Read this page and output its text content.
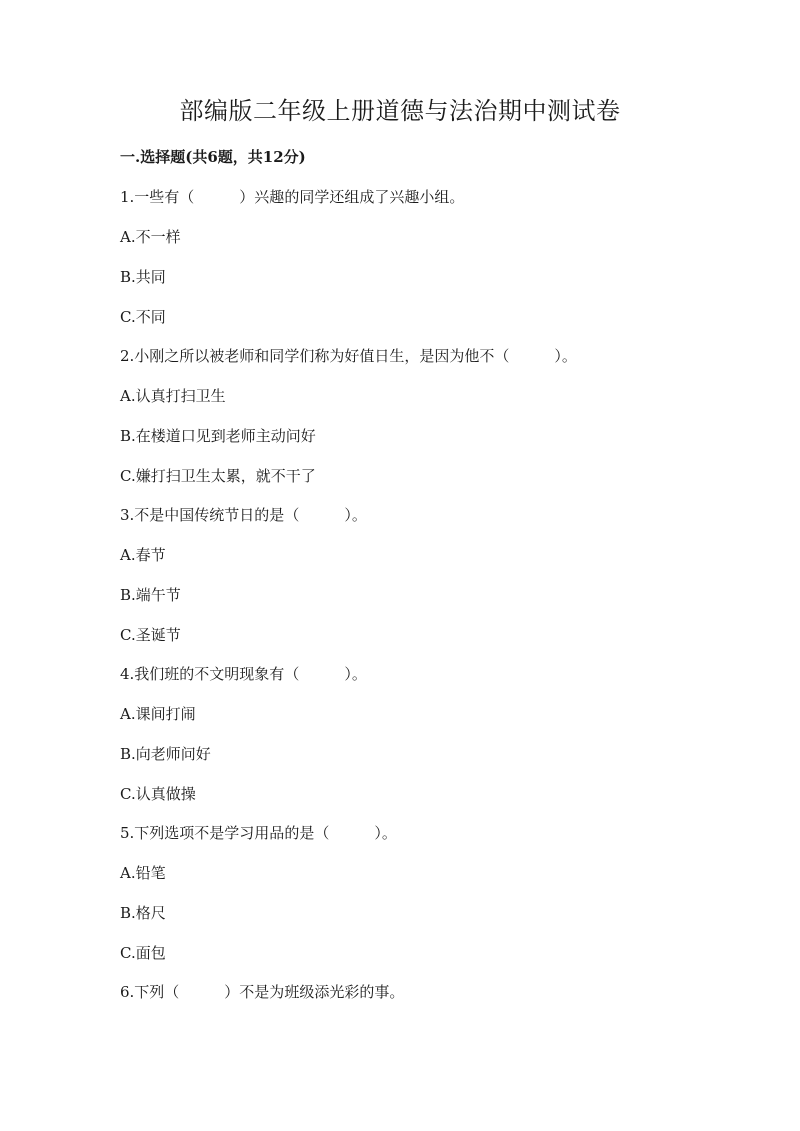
部编版二年级上册道德与法治期中测试卷

一.选择题(共6题，共12分)

1.一些有（　　　）兴趣的同学还组成了兴趣小组。

A.不一样

B.共同

C.不同

2.小刚之所以被老师和同学们称为好值日生，是因为他不（　　　）。

A.认真打扫卫生

B.在楼道口见到老师主动问好

C.嫌打扫卫生太累，就不干了

3.不是中国传统节日的是（　　　）。

A.春节

B.端午节

C.圣诞节

4.我们班的不文明现象有（　　　）。

A.课间打闹

B.向老师问好

C.认真做操

5.下列选项不是学习用品的是（　　　）。

A.铅笔

B.格尺

C.面包

6.下列（　　　）不是为班级添光彩的事。
